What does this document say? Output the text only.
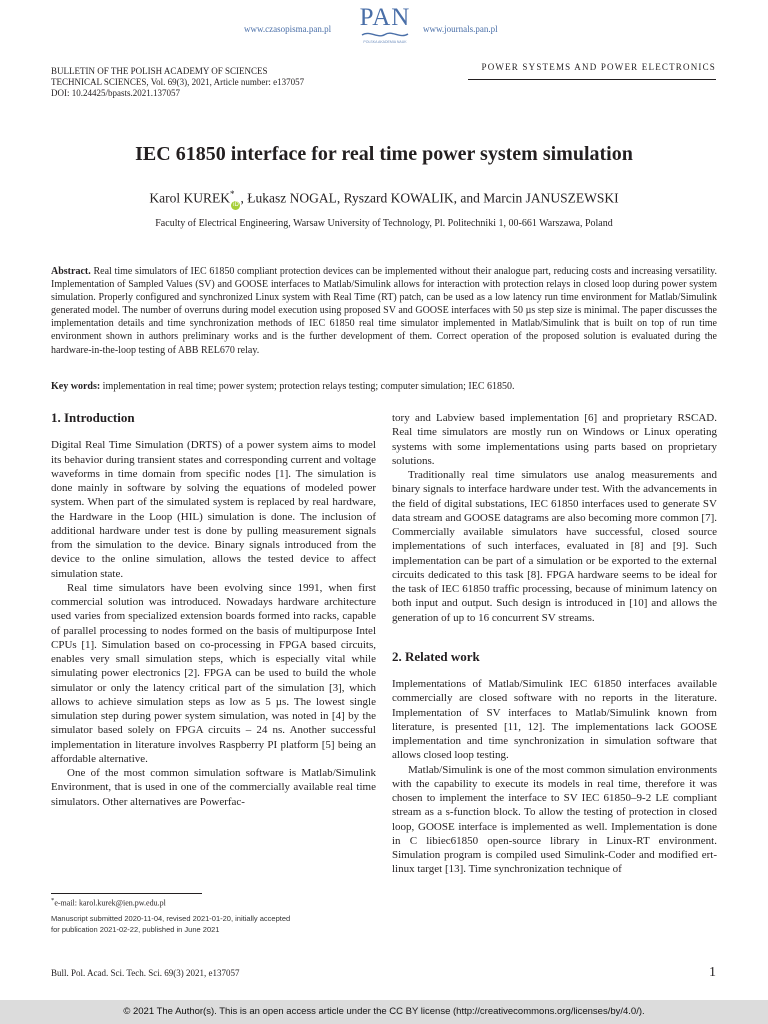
www.czasopisma.pan.pl PAN
POLSKA AKADEMIA NAUK
www.journals.pan.pl
BULLETIN OF THE POLISH ACADEMY OF SCIENCES
TECHNICAL SCIENCES, Vol. 69(3), 2021, Article number: e137057
DOI: 10.24425/bpasts.2021.137057
POWER SYSTEMS AND POWER ELECTRONICS
IEC 61850 interface for real time power system simulation
Karol KUREK*iD , Łukasz NOGAL, Ryszard KOWALIK, and Marcin JANUSZEWSKI
Faculty of Electrical Engineering, Warsaw University of Technology, Pl. Politechniki 1, 00-661 Warszawa, Poland

Abstract. Real time simulators of IEC 61850 compliant protection devices can be implemented without their analogue part, reducing costs and increasing versatility. Implementation of Sampled Values (SV) and GOOSE interfaces to Matlab/Simulink allows for interaction with protection relays in closed loop during power system simulation. Properly configured and synchronized Linux system with Real Time (RT) patch, can be used as a low latency run time environment for Matlab/Simulink generated model. The number of overruns during model execution using proposed SV and GOOSE interfaces with 50 µs step size is minimal. The paper discusses the implementation details and time synchronization methods of IEC 61850 real time simulator implemented in Matlab/Simulink that is built on top of run time environment shown in authors preliminary works and is the further development of them. Correct operation of the proposed solution is evaluated during the hardware-in-the-loop testing of ABB REL670 relay.

Key words: implementation in real time; power system; protection relays testing; computer simulation; IEC 61850.

1. Introduction

Digital Real Time Simulation (DRTS) of a power system aims to model its behavior during transient states and corresponding current and voltage waveforms in time domain from specific nodes [1]. The simulation is done mainly in software by solving the equations of modeled power system. When part of the simulated system is replaced by real hardware, the Hardware in the Loop (HIL) simulation is done. The inclusion of additional hardware under test is done by pulling measurement signals from the simulation to the device. Binary signals introduced from the device to the online simulation, allows the tested device to affect simulation state.

Real time simulators have been evolving since 1991, when first commercial solution was introduced. Nowadays hardware architecture used varies from specialized extension boards formed into racks, capable of parallel processing to nodes formed on the basis of multipurpose Intel CPUs [1]. Simulation based on co-processing in FPGA based circuits, enables very small simulation steps, which is especially vital while simulating power electronics [2]. FPGA can be used to build the whole simulator or only the latency critical part of the simulation [3], which allows to achieve simulation steps as low as 5 µs. The lowest single simulation step during power system simulation, was noted in [4] by the simulator based solely on FPGA circuits – 24 ns. Another successful implementation in literature involves Raspberry PI platform [5] being an affordable alternative.

One of the most common simulation software is Matlab/Simulink Environment, that is used in one of the commercially available real time simulators. Other alternatives are Powerfac-

tory and Labview based implementation [6] and proprietary RSCAD. Real time simulators are mostly run on Windows or Linux operating systems with some implementations using parts based on proprietary solutions.

Traditionally real time simulators use analog measurements and binary signals to interface hardware under test. With the advancements in the field of digital substations, IEC 61850 interfaces used to generate SV data stream and GOOSE datagrams are also becoming more common [7]. Commercially available simulators have successful, closed source implementations of such interfaces, evaluated in [8] and [9]. Such implementation can be part of a simulation or be exported to the external circuits dedicated to this task [8]. FPGA hardware seems to be ideal for the task of IEC 61850 traffic processing, because of minimum latency on both input and output. Such design is introduced in [10] and allows the generation of up to 16 concurrent SV streams.

2. Related work

Implementations of Matlab/Simulink IEC 61850 interfaces available commercially are closed software with no reports in the literature. Implementation of SV interfaces to Matlab/Simulink known from literature, is presented [11, 12]. The implementations lack GOOSE implementation and time synchronization in simulation software that allows closed loop testing.

Matlab/Simulink is one of the most common simulation environments with the capability to execute its models in real time, therefore it was chosen to implement the interface to SV IEC 61850–9-2 LE compliant stream as a s-function block. To allow the testing of protection in closed loop, GOOSE interface is implemented as well. Implementation is done in C libiec61850 open-source library in Linux-RT environment. Simulation program is compiled used Simulink-Coder and modified ert-linux target [13]. Time synchronization technique of

*e-mail: karol.kurek@ien.pw.edu.pl
Manuscript submitted 2020-11-04, revised 2021-01-20, initially accepted
for publication 2021-02-22, published in June 2021
Bull. Pol. Acad. Sci. Tech. Sci. 69(3) 2021, e137057	1
© 2021 The Author(s). This is an open access article under the CC BY license (http://creativecommons.org/licenses/by/4.0/).
